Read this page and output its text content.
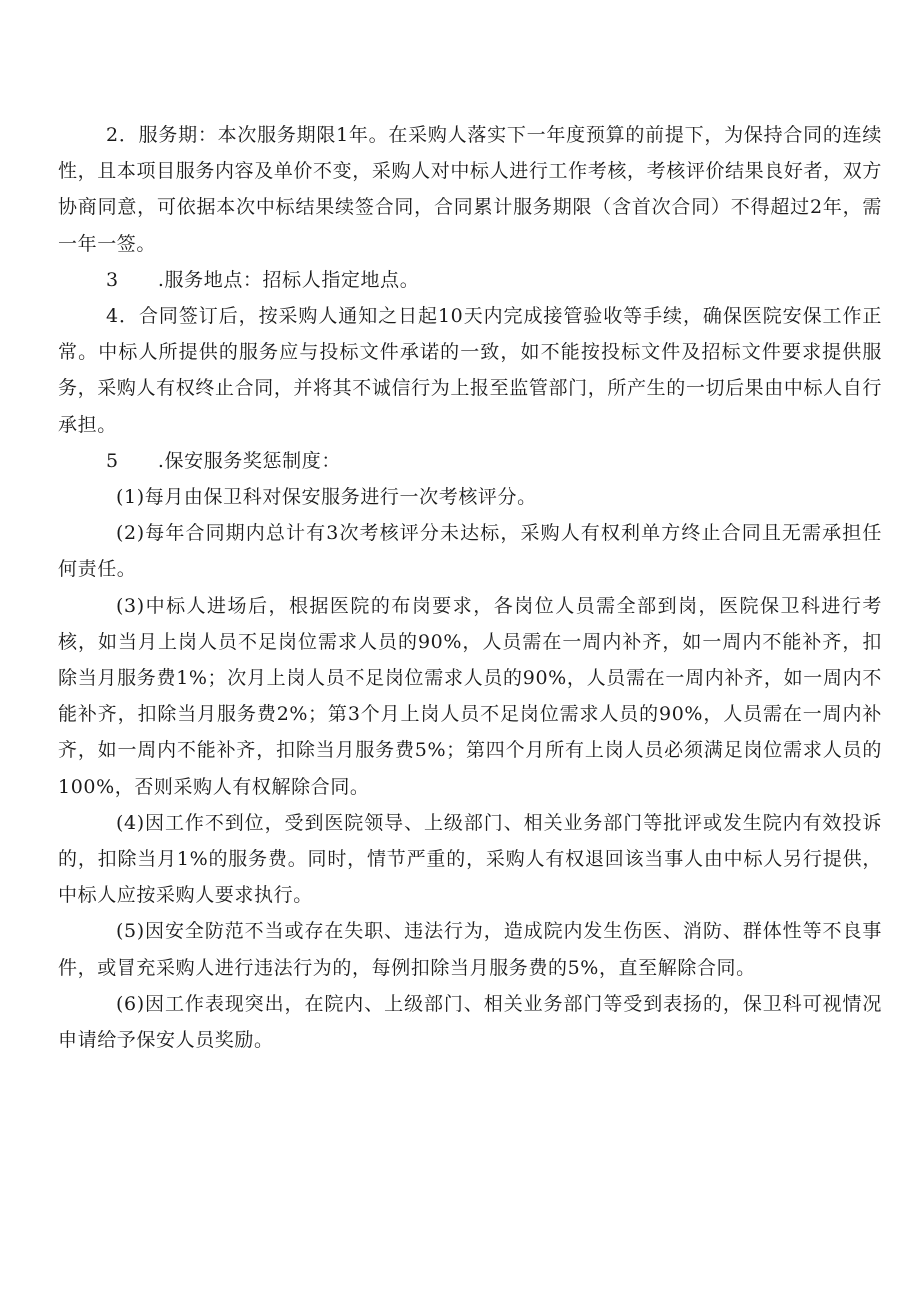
2．服务期：本次服务期限1年。在采购人落实下一年度预算的前提下，为保持合同的连续性，且本项目服务内容及单价不变，采购人对中标人进行工作考核，考核评价结果良好者，双方协商同意，可依据本次中标结果续签合同，合同累计服务期限（含首次合同）不得超过2年，需一年一签。

3　　.服务地点：招标人指定地点。

4．合同签订后，按采购人通知之日起10天内完成接管验收等手续，确保医院安保工作正常。中标人所提供的服务应与投标文件承诺的一致，如不能按投标文件及招标文件要求提供服务，采购人有权终止合同，并将其不诚信行为上报至监管部门，所产生的一切后果由中标人自行承担。

5　　.保安服务奖惩制度：

(1)每月由保卫科对保安服务进行一次考核评分。

(2)每年合同期内总计有3次考核评分未达标，采购人有权利单方终止合同且无需承担任何责任。

(3)中标人进场后，根据医院的布岗要求，各岗位人员需全部到岗，医院保卫科进行考核，如当月上岗人员不足岗位需求人员的90%，人员需在一周内补齐，如一周内不能补齐，扣除当月服务费1%；次月上岗人员不足岗位需求人员的90%，人员需在一周内补齐，如一周内不能补齐，扣除当月服务费2%；第3个月上岗人员不足岗位需求人员的90%，人员需在一周内补齐，如一周内不能补齐，扣除当月服务费5%；第四个月所有上岗人员必须满足岗位需求人员的100%，否则采购人有权解除合同。

(4)因工作不到位，受到医院领导、上级部门、相关业务部门等批评或发生院内有效投诉的，扣除当月1%的服务费。同时，情节严重的，采购人有权退回该当事人由中标人另行提供，中标人应按采购人要求执行。

(5)因安全防范不当或存在失职、违法行为，造成院内发生伤医、消防、群体性等不良事件，或冒充采购人进行违法行为的，每例扣除当月服务费的5%，直至解除合同。

(6)因工作表现突出，在院内、上级部门、相关业务部门等受到表扬的，保卫科可视情况申请给予保安人员奖励。
